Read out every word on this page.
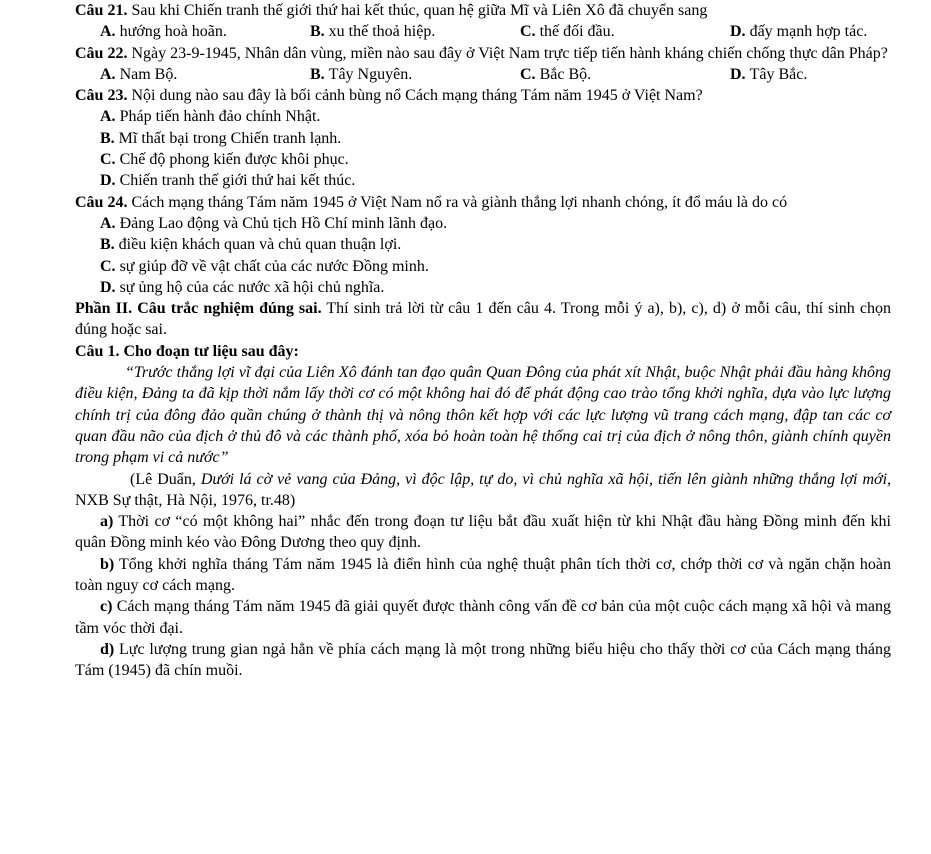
Câu 21. Sau khi Chiến tranh thế giới thứ hai kết thúc, quan hệ giữa Mĩ và Liên Xô đã chuyển sang

A. hướng hoà hoãn.	B. xu thế thoả hiệp.	C. thế đối đầu.	D. đấy mạnh hợp tác.

Câu 22. Ngày 23-9-1945, Nhân dân vùng, miền nào sau đây ở Việt Nam trực tiếp tiến hành kháng chiến chống thực dân Pháp?

A. Nam Bộ.	B. Tây Nguyên.	C. Bắc Bộ.	D. Tây Bắc.

Câu 23. Nội dung nào sau đây là bối cảnh bùng nổ Cách mạng tháng Tám năm 1945 ở Việt Nam?

A. Pháp tiến hành đảo chính Nhật.

B. Mĩ thất bại trong Chiến tranh lạnh.

C. Chế độ phong kiến được khôi phục.

D. Chiến tranh thế giới thứ hai kết thúc.

Câu 24. Cách mạng tháng Tám năm 1945 ở Việt Nam nổ ra và giành thắng lợi nhanh chóng, ít đổ máu là do có

A. Đảng Lao động và Chủ tịch Hồ Chí minh lãnh đạo.

B. điều kiện khách quan và chủ quan thuận lợi.

C. sự giúp đỡ về vật chất của các nước Đồng minh.

D. sự ủng hộ của các nước xã hội chủ nghĩa.

Phần II. Câu trắc nghiệm đúng sai. Thí sinh trả lời từ câu 1 đến câu 4. Trong mỗi ý a), b), c), d) ở mỗi câu, thí sinh chọn đúng hoặc sai.

Câu 1. Cho đoạn tư liệu sau đây:

“Trước thắng lợi vĩ đại của Liên Xô đánh tan đạo quân Quan Đông của phát xít Nhật, buộc Nhật phải đầu hàng không điều kiện, Đảng ta đã kịp thời nắm lấy thời cơ có một không hai đó để phát động cao trào tổng khởi nghĩa, dựa vào lực lượng chính trị của đông đảo quần chúng ở thành thị và nông thôn kết hợp với các lực lượng vũ trang cách mạng, đập tan các cơ quan đầu não của địch ở thủ đô và các thành phố, xóa bỏ hoàn toàn hệ thống cai trị của địch ở nông thôn, giành chính quyền trong phạm vi cả nước”

(Lê Duẩn, Dưới lá cờ vẻ vang của Đảng, vì độc lập, tự do, vì chủ nghĩa xã hội, tiến lên giành những thắng lợi mới, NXB Sự thật, Hà Nội, 1976, tr.48)

a) Thời cơ “có một không hai” nhắc đến trong đoạn tư liệu bắt đầu xuất hiện từ khi Nhật đầu hàng Đồng minh đến khi quân Đồng minh kéo vào Đông Dương theo quy định.

b) Tổng khởi nghĩa tháng Tám năm 1945 là điển hình của nghệ thuật phân tích thời cơ, chớp thời cơ và ngăn chặn hoàn toàn nguy cơ cách mạng.

c) Cách mạng tháng Tám năm 1945 đã giải quyết được thành công vấn đề cơ bản của một cuộc cách mạng xã hội và mang tầm vóc thời đại.

d) Lực lượng trung gian ngả hẳn về phía cách mạng là một trong những biểu hiệu cho thấy thời cơ của Cách mạng tháng Tám (1945) đã chín muồi.
